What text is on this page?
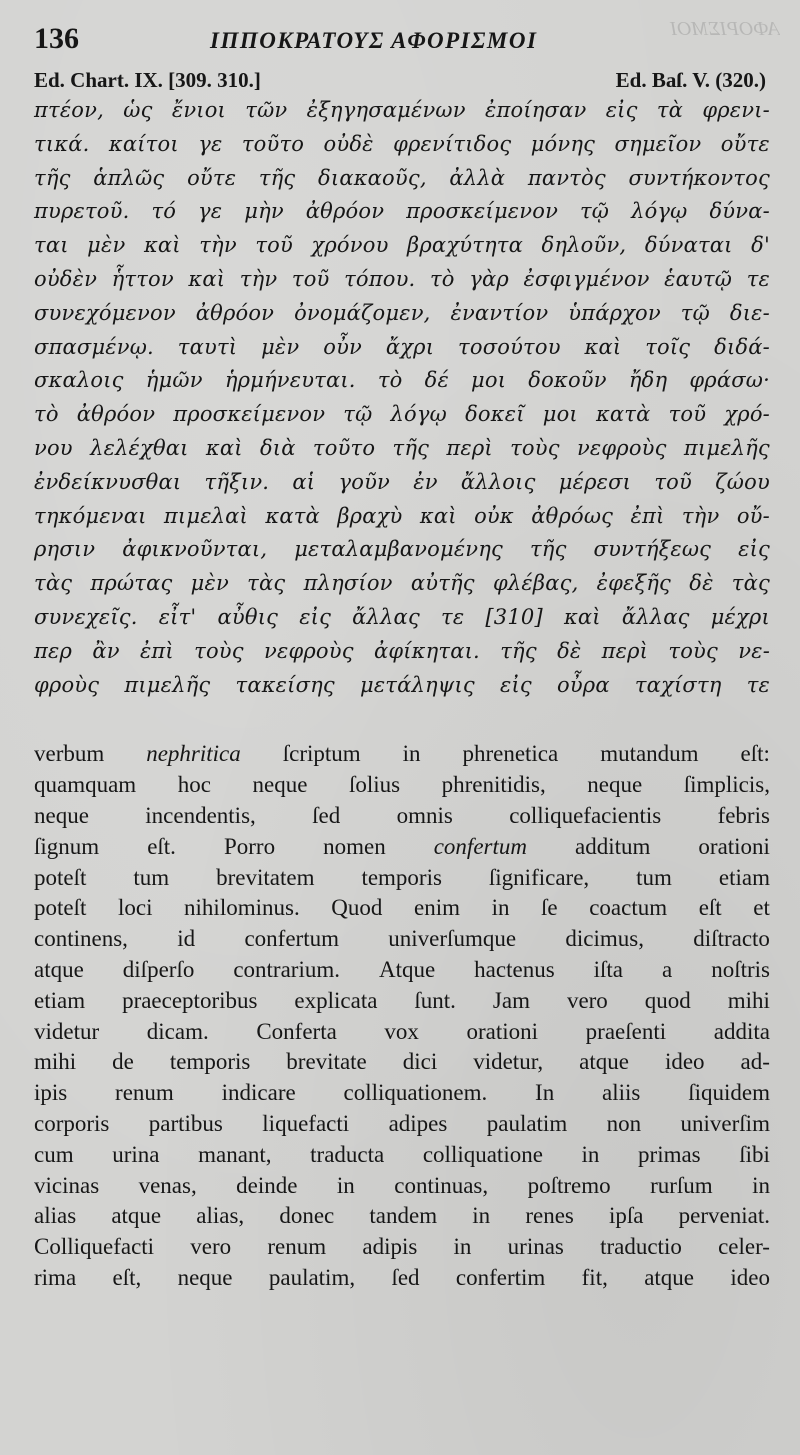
ΑΦΟΡΙΣΜΟΙ
136	ΙΠΠΟΚΡΑΤΟΥΣ ΑΦΟΡΙΣΜΟΙ
Ed. Chart. IX. [309. 310.]	Ed. Baſ. V. (320.)
πτέον, ὡς ἔνιοι τῶν ἐξηγησαμένων ἐποίησαν εἰς τὰ φρενι-
τικά. καίτοι γε τοῦτο οὐδὲ φρενίτιδος μόνης σημεῖον οὔτε
τῆς ἁπλῶς οὔτε τῆς διακαοῦς, ἀλλὰ παντὸς συντήκοντος
πυρετοῦ. τό γε μὴν ἀθρόον προσκείμενον τῷ λόγῳ δύνα-
ται μὲν καὶ τὴν τοῦ χρόνου βραχύτητα δηλοῦν, δύναται δ'
οὐδὲν ἧττον καὶ τὴν τοῦ τόπου. τὸ γὰρ ἐσφιγμένον ἑαυτῷ τε
συνεχόμενον ἀθρόον ὀνομάζομεν, ἐναντίον ὑπάρχον τῷ διε-
σπασμένῳ. ταυτὶ μὲν οὖν ἄχρι τοσούτου καὶ τοῖς διδά-
σκαλοις ἡμῶν ἡρμήνευται. τὸ δέ μοι δοκοῦν ἤδη φράσω·
τὸ ἀθρόον προσκείμενον τῷ λόγῳ δοκεῖ μοι κατὰ τοῦ χρό-
νου λελέχθαι καὶ διὰ τοῦτο τῆς περὶ τοὺς νεφροὺς πιμελῆς
ἐνδείκνυσθαι τῆξιν. αἱ γοῦν ἐν ἄλλοις μέρεσι τοῦ ζώου
τηκόμεναι πιμελαὶ κατὰ βραχὺ καὶ οὐκ ἀθρόως ἐπὶ τὴν οὔ-
ρησιν ἀφικνοῦνται, μεταλαμβανομένης τῆς συντήξεως εἰς
τὰς πρώτας μὲν τὰς πλησίον αὐτῆς φλέβας, ἐφεξῆς δὲ τὰς
συνεχεῖς. εἶτ' αὖθις εἰς ἄλλας τε [310] καὶ ἄλλας μέχρι
περ ἂν ἐπὶ τοὺς νεφροὺς ἀφίκηται. τῆς δὲ περὶ τοὺς νε-
φροὺς πιμελῆς τακείσης μετάληψις εἰς οὖρα ταχίστη τε
verbum nephritica ſcriptum in phrenetica mutandum eſt:
quamquam hoc neque ſolius phrenitidis, neque ſimplicis,
neque incendentis, ſed omnis colliquefacientis febris
ſignum eſt. Porro nomen confertum additum orationi
poteſt tum brevitatem temporis ſignificare, tum etiam
poteſt loci nihilominus. Quod enim in ſe coactum eſt et
continens, id confertum univerſumque dicimus, diſtracto
atque diſperſo contrarium. Atque hactenus iſta a noſtris
etiam praeceptoribus explicata ſunt. Jam vero quod mihi
videtur dicam. Conferta vox orationi praeſenti addita
mihi de temporis brevitate dici videtur, atque ideo ad-
ipis renum indicare colliquationem. In aliis ſiquidem
corporis partibus liquefacti adipes paulatim non univerſim
cum urina manant, traducta colliquatione in primas ſibi
vicinas venas, deinde in continuas, poſtremo rurſum in
alias atque alias, donec tandem in renes ipſa perveniat.
Colliquefacti vero renum adipis in urinas traductio celer-
rima eſt, neque paulatim, ſed confertim fit, atque ideo
